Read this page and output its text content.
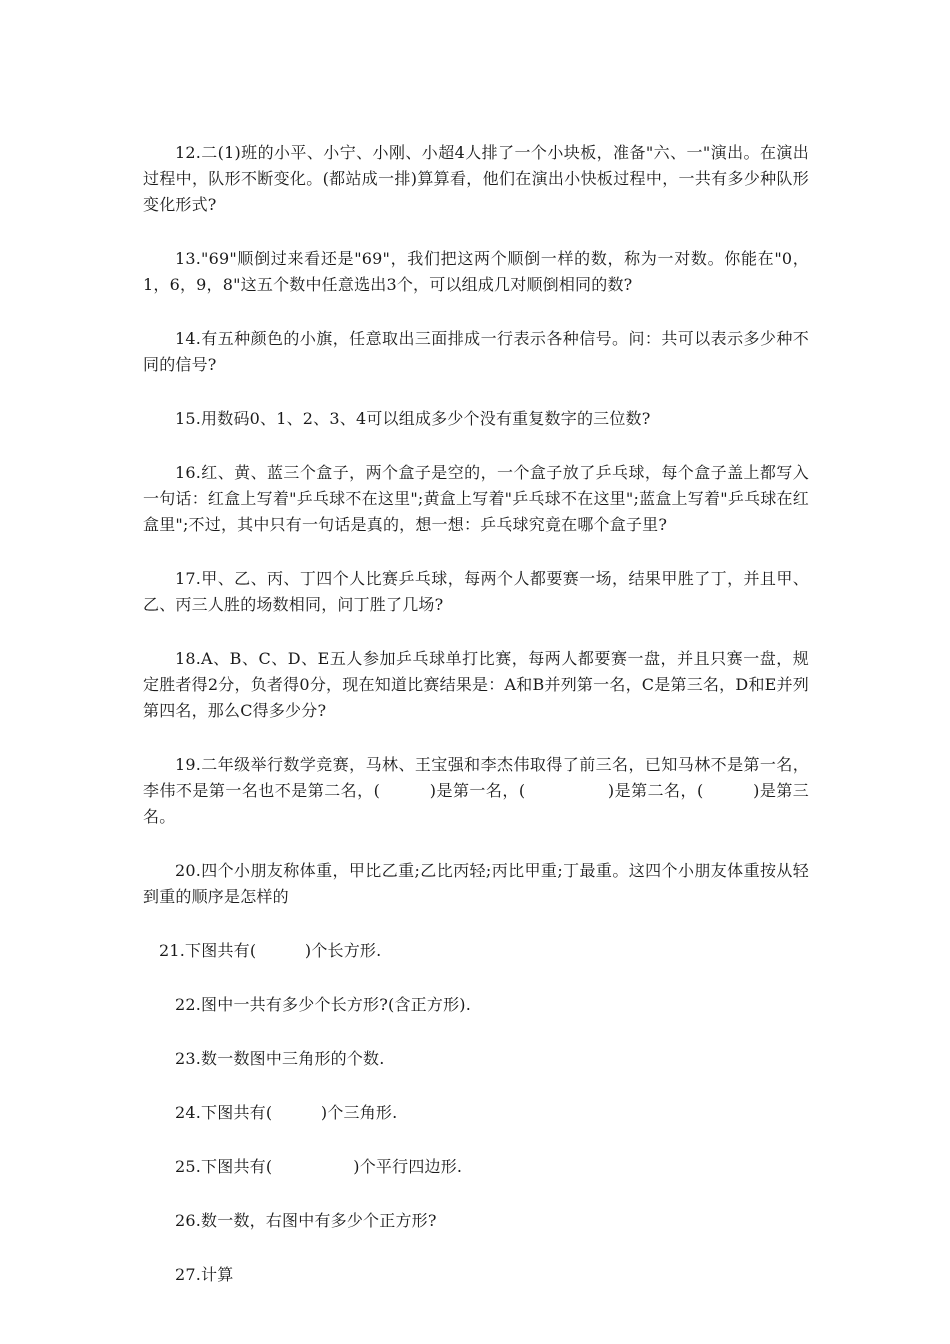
12.二(1)班的小平、小宁、小刚、小超4人排了一个小块板，准备"六、一"演出。在演出过程中，队形不断变化。(都站成一排)算算看，他们在演出小快板过程中，一共有多少种队形变化形式?

13."69"顺倒过来看还是"69"，我们把这两个顺倒一样的数，称为一对数。你能在"0，1，6，9，8"这五个数中任意选出3个，可以组成几对顺倒相同的数?

14.有五种颜色的小旗，任意取出三面排成一行表示各种信号。问：共可以表示多少种不同的信号?

15.用数码0、1、2、3、4可以组成多少个没有重复数字的三位数?

16.红、黄、蓝三个盒子，两个盒子是空的，一个盒子放了乒乓球，每个盒子盖上都写入一句话：红盒上写着"乒乓球不在这里";黄盒上写着"乒乓球不在这里";蓝盒上写着"乒乓球在红盒里";不过，其中只有一句话是真的，想一想：乒乓球究竟在哪个盒子里?

17.甲、乙、丙、丁四个人比赛乒乓球，每两个人都要赛一场，结果甲胜了丁，并且甲、乙、丙三人胜的场数相同，问丁胜了几场?

18.A、B、C、D、E五人参加乒乓球单打比赛，每两人都要赛一盘，并且只赛一盘，规定胜者得2分，负者得0分，现在知道比赛结果是：A和B并列第一名，C是第三名，D和E并列第四名，那么C得多少分?

19.二年级举行数学竞赛，马林、王宝强和李杰伟取得了前三名，已知马林不是第一名，李伟不是第一名也不是第二名，(　　　)是第一名，(　　　　　)是第二名，(　　　)是第三名。

20.四个小朋友称体重，甲比乙重;乙比丙轻;丙比甲重;丁最重。这四个小朋友体重按从轻到重的顺序是怎样的

21.下图共有(　　　)个长方形.

22.图中一共有多少个长方形?(含正方形).

23.数一数图中三角形的个数.

24.下图共有(　　　)个三角形.

25.下图共有(　　　　　)个平行四边形.

26.数一数，右图中有多少个正方形?

27.计算
